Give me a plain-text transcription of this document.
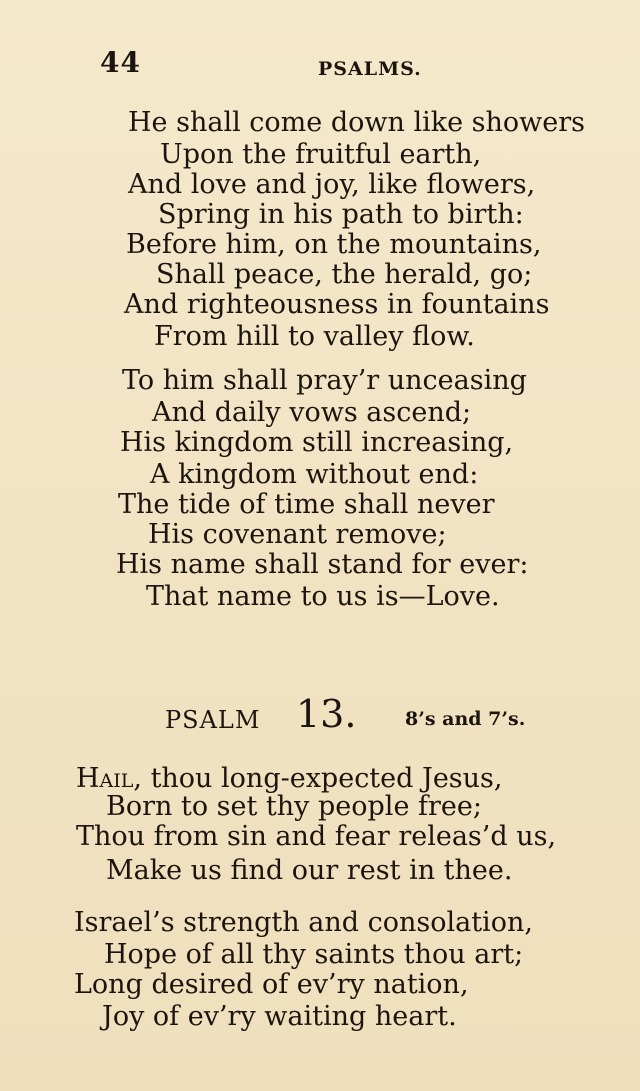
44	PSALMS.
He shall come down like showers
Upon the fruitful earth,
And love and joy, like flowers,
Spring in his path to birth:
Before him, on the mountains,
Shall peace, the herald, go;
And righteousness in fountains
From hill to valley flow.
To him shall pray’r unceasing
And daily vows ascend;
His kingdom still increasing,
A kingdom without end:
The tide of time shall never
His covenant remove;
His name shall stand for ever:
That name to us is—Love.
PSALM 13.	8’s and 7’s.
Hail, thou long-expected Jesus,
Born to set thy people free;
Thou from sin and fear releas’d us,
Make us find our rest in thee.
Israel’s strength and consolation,
Hope of all thy saints thou art;
Long desired of ev’ry nation,
Joy of ev’ry waiting heart.
